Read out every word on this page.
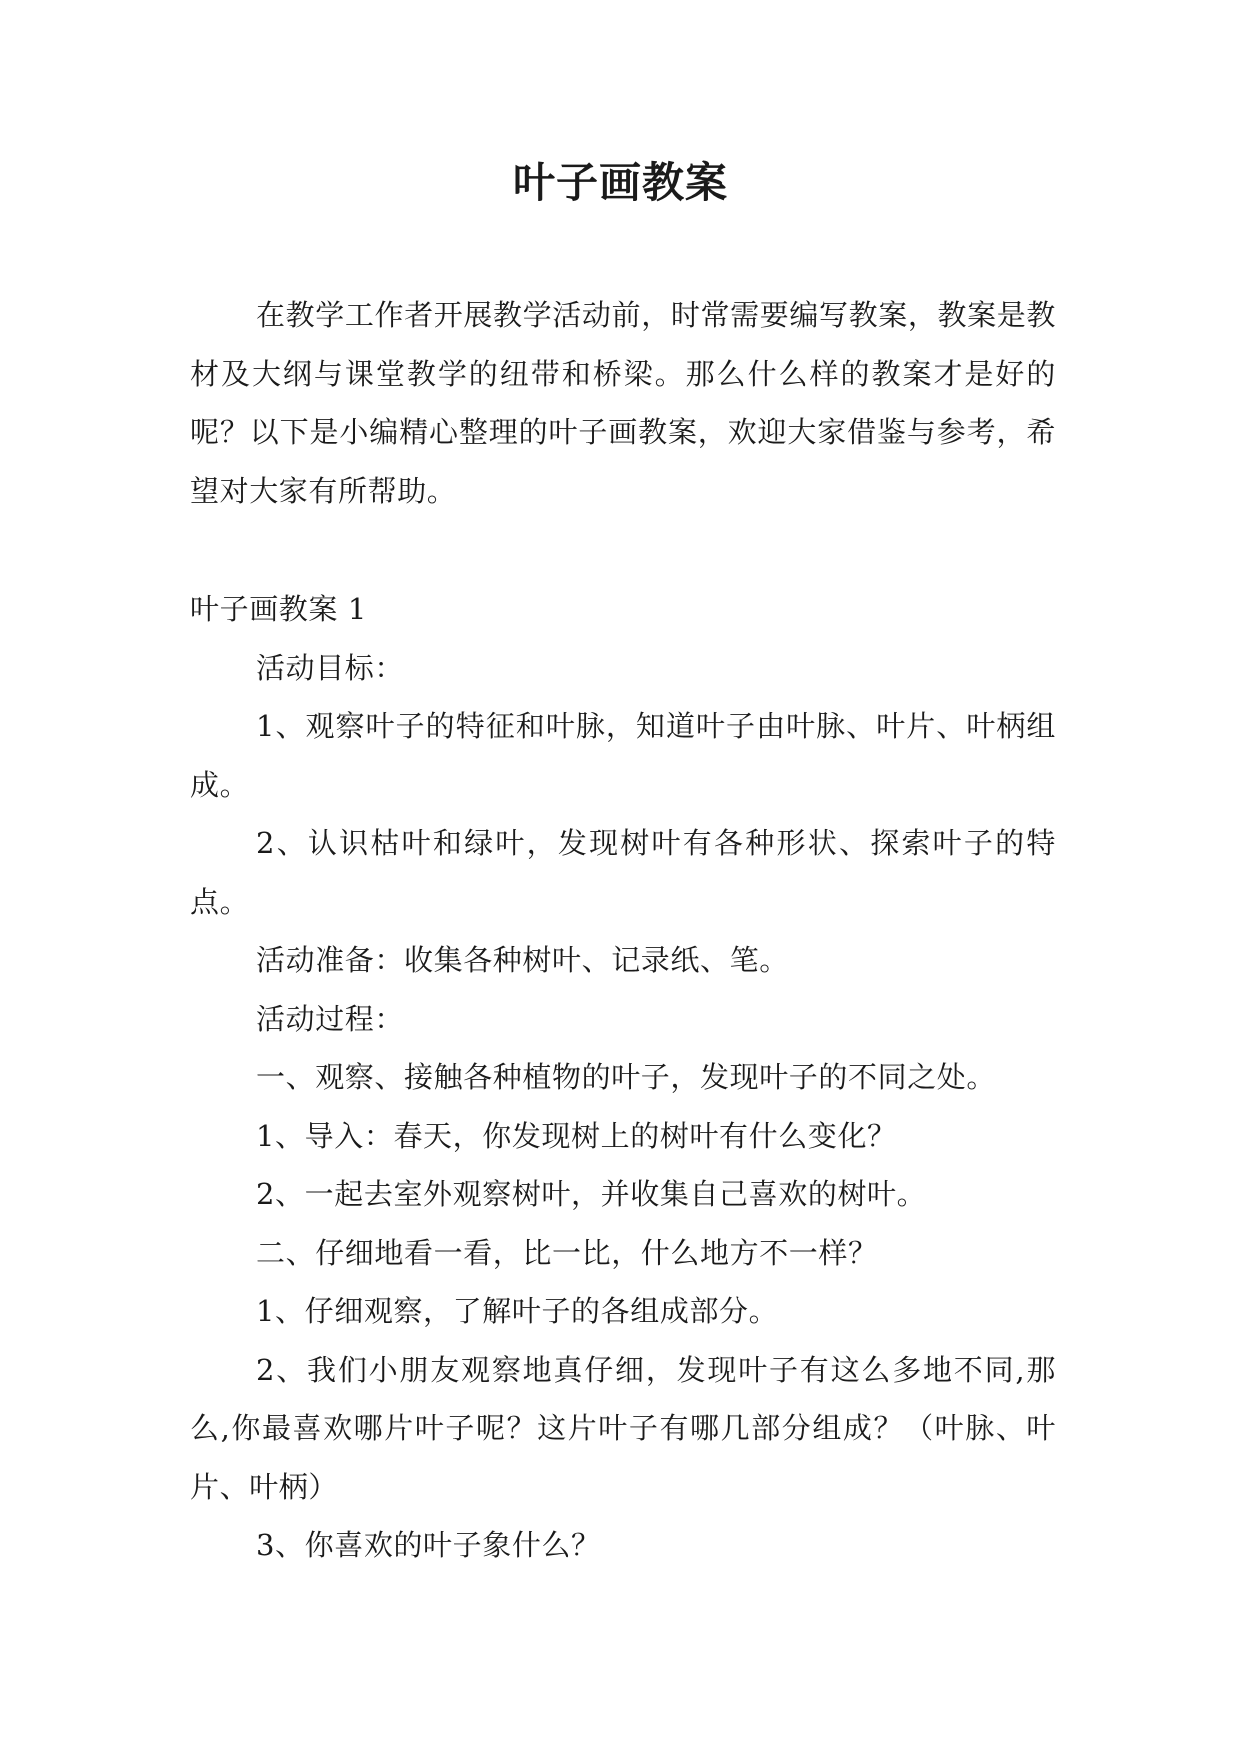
叶子画教案

在教学工作者开展教学活动前，时常需要编写教案，教案是教材及大纲与课堂教学的纽带和桥梁。那么什么样的教案才是好的呢？以下是小编精心整理的叶子画教案，欢迎大家借鉴与参考，希望对大家有所帮助。

叶子画教案 1

活动目标：

1、观察叶子的特征和叶脉，知道叶子由叶脉、叶片、叶柄组成。

2、认识枯叶和绿叶，发现树叶有各种形状、探索叶子的特点。

活动准备：收集各种树叶、记录纸、笔。

活动过程：

一、观察、接触各种植物的叶子，发现叶子的不同之处。

1、导入：春天，你发现树上的树叶有什么变化？

2、一起去室外观察树叶，并收集自己喜欢的树叶。

二、仔细地看一看，比一比，什么地方不一样？

1、仔细观察，了解叶子的各组成部分。

2、我们小朋友观察地真仔细，发现叶子有这么多地不同,那么,你最喜欢哪片叶子呢？这片叶子有哪几部分组成？（叶脉、叶片、叶柄）

3、你喜欢的叶子象什么？
